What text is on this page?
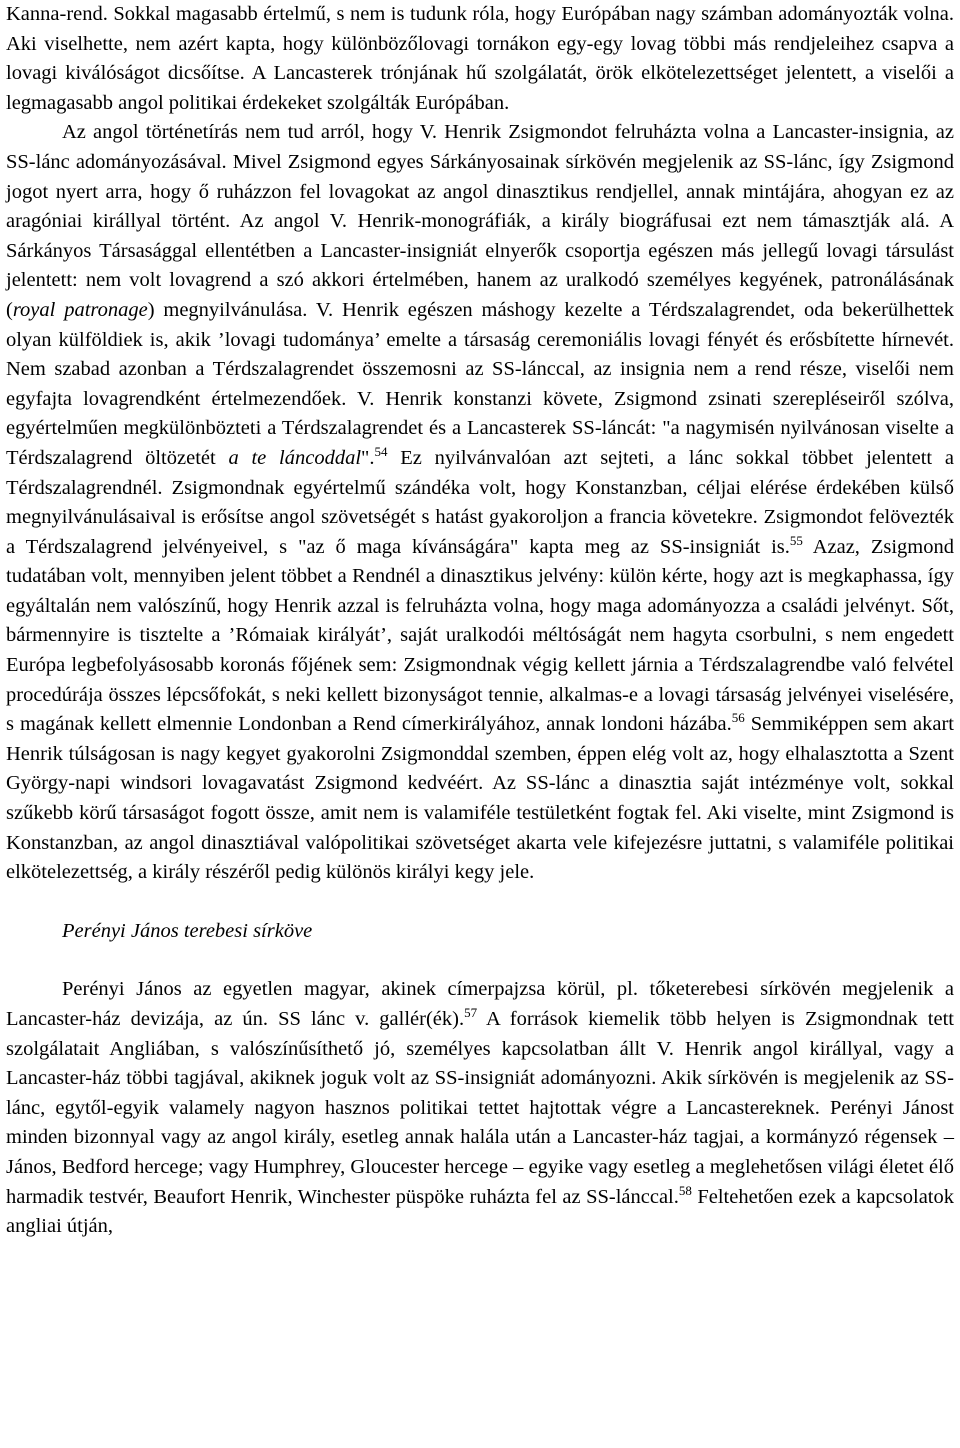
Kanna-rend. Sokkal magasabb értelmű, s nem is tudunk róla, hogy Európában nagy számban adományozták volna. Aki viselhette, nem azért kapta, hogy különbözőlovagi tornákon egy-egy lovag többi más rendjeleihez csapva a lovagi kiválóságot dicsőítse. A Lancasterek trónjának hű szolgálatát, örök elkötelezettséget jelentett, a viselői a legmagasabb angol politikai érdekeket szolgálták Európában.

Az angol történetírás nem tud arról, hogy V. Henrik Zsigmondot felruházta volna a Lancaster-insignia, az SS-lánc adományozásával. Mivel Zsigmond egyes Sárkányosainak sírkövén megjelenik az SS-lánc, így Zsigmond jogot nyert arra, hogy ő ruházzon fel lovagokat az angol dinasztikus rendjellel, annak mintájára, ahogyan ez az aragóniai királlyal történt. Az angol V. Henrik-monográfiák, a király biográfusai ezt nem támasztják alá. A Sárkányos Társasággal ellentétben a Lancaster-insigniát elnyerők csoportja egészen más jellegű lovagi társulást jelentett: nem volt lovagrend a szó akkori értelmében, hanem az uralkodó személyes kegyének, patronálásának (royal patronage) megnyilvánulása. V. Henrik egészen máshogy kezelte a Térdszalagrendet, oda bekerülhettek olyan külföldiek is, akik ’lovagi tudománya’ emelte a társaság ceremoniális lovagi fényét és erősbítette hírnevét. Nem szabad azonban a Térdszalagrendet összemosni az SS-lánccal, az insignia nem a rend része, viselői nem egyfajta lovagrendként értelmezendőek. V. Henrik konstanzi követe, Zsigmond zsinati szerepléseiről szólva, egyértelműen megkülönbözteti a Térdszalagrendet és a Lancasterek SS-láncát: "a nagymisén nyilvánosan viselte a Térdszalagrend öltözetét a te láncoddal".$^{54}$ Ez nyilvánvalóan azt sejteti, a lánc sokkal többet jelentett a Térdszalagrendnél. Zsigmondnak egyértelmű szándéka volt, hogy Konstanzban, céljai elérése érdekében külső megnyilvánulásaival is erősítse angol szövetségét s hatást gyakoroljon a francia követekre. Zsigmondot felövezték a Térdszalagrend jelvényeivel, s "az ő maga kívánságára" kapta meg az SS-insigniát is.$^{55}$ Azaz, Zsigmond tudatában volt, mennyiben jelent többet a Rendnél a dinasztikus jelvény: külön kérte, hogy azt is megkaphassa, így egyáltalán nem valószínű, hogy Henrik azzal is felruházta volna, hogy maga adományozza a családi jelvényt. Sőt, bármennyire is tisztelte a ’Rómaiak királyát’, saját uralkodói méltóságát nem hagyta csorbulni, s nem engedett Európa legbefolyásosabb koronás főjének sem: Zsigmondnak végig kellett járnia a Térdszalagrendbe való felvétel procedúrája összes lépcsőfokát, s neki kellett bizonyságot tennie, alkalmas-e a lovagi társaság jelvényei viselésére, s magának kellett elmennie Londonban a Rend címerkirályához, annak londoni házába.$^{56}$ Semmiképpen sem akart Henrik túlságosan is nagy kegyet gyakorolni Zsigmonddal szemben, éppen elég volt az, hogy elhalasztotta a Szent György-napi windsori lovagavatást Zsigmond kedvéért. Az SS-lánc a dinasztia saját intézménye volt, sokkal szűkebb körű társaságot fogott össze, amit nem is valamiféle testületként fogtak fel. Aki viselte, mint Zsigmond is Konstanzban, az angol dinasztiával valópolitikai szövetséget akarta vele kifejezésre juttatni, s valamiféle politikai elkötelezettség, a király részéről pedig különös királyi kegy jele.

Perényi János terebesi sírköve

Perényi János az egyetlen magyar, akinek címerpajzsa körül, pl. tőketerebesi sírkövén megjelenik a Lancaster-ház devizája, az ún. SS lánc v. gallér(ék).$^{57}$ A források kiemelik több helyen is Zsigmondnak tett szolgálatait Angliában, s valószínűsíthető jó, személyes kapcsolatban állt V. Henrik angol királlyal, vagy a Lancaster-ház többi tagjával, akiknek joguk volt az SS-insigniát adományozni. Akik sírkövén is megjelenik az SS-lánc, egytől-egyik valamely nagyon hasznos politikai tettet hajtottak végre a Lancastereknek. Perényi Jánost minden bizonnyal vagy az angol király, esetleg annak halála után a Lancaster-ház tagjai, a kormányzó régensek – János, Bedford hercege; vagy Humphrey, Gloucester hercege – egyike vagy esetleg a meglehetősen világi életet élő harmadik testvér, Beaufort Henrik, Winchester püspöke ruházta fel az SS-lánccal.$^{58}$ Feltehetően ezek a kapcsolatok angliai útján,
